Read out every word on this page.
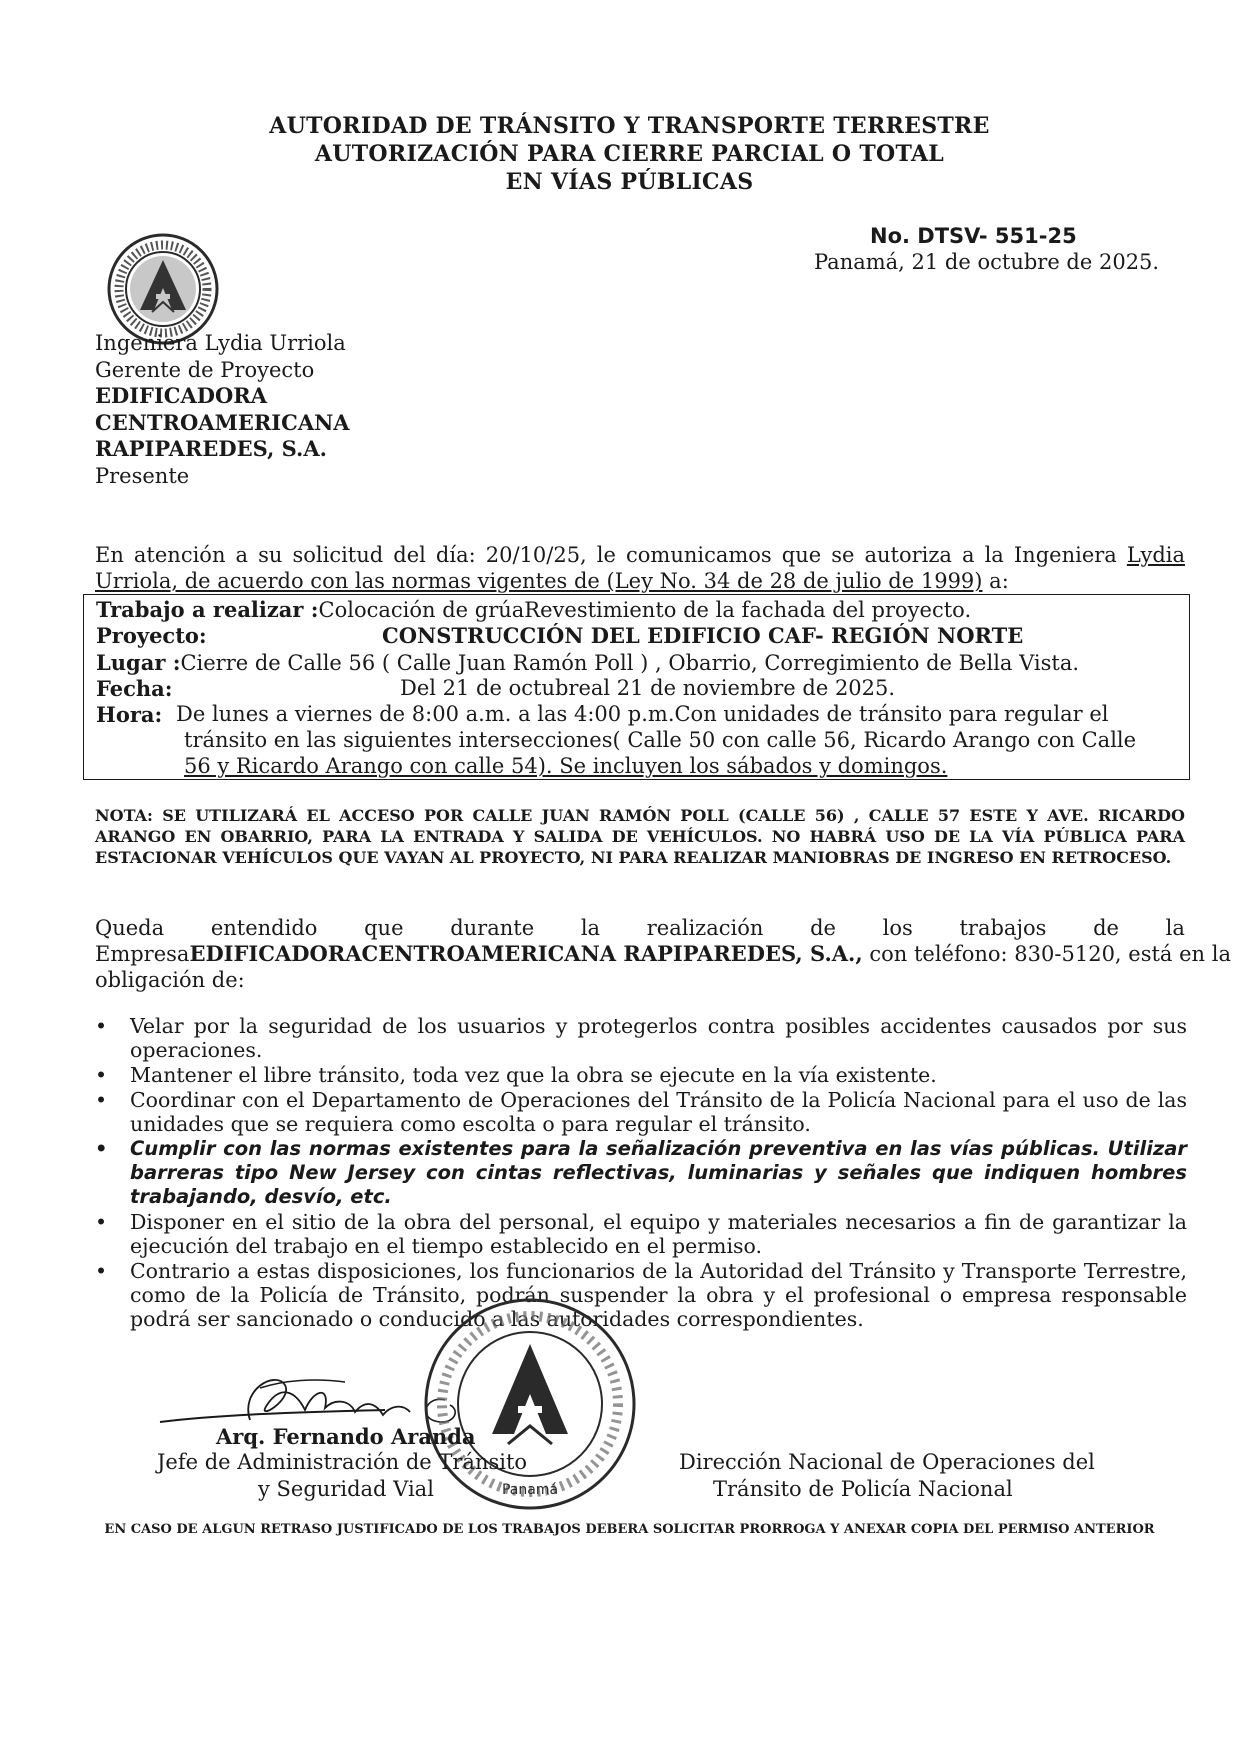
AUTORIDAD DE TRÁNSITO Y TRANSPORTE TERRESTRE
AUTORIZACIÓN PARA CIERRE PARCIAL O TOTAL
EN VÍAS PÚBLICAS
No. DTSV- 551-25
Panamá, 21 de octubre de 2025.
Ingeniera Lydia Urriola
Gerente de Proyecto
EDIFICADORA
CENTROAMERICANA
RAPIPAREDES, S.A.
Presente
En atención a su solicitud del día: 20/10/25, le comunicamos que se autoriza a la Ingeniera Lydia Urriola, de acuerdo con las normas vigentes de (Ley No. 34 de 28 de julio de 1999) a:
Trabajo a realizar :Colocación de grúaRevestimiento de la fachada del proyecto.
Proyecto:	CONSTRUCCIÓN DEL EDIFICIO CAF- REGIÓN NORTE
Lugar :Cierre de Calle 56 ( Calle Juan Ramón Poll ) , Obarrio, Corregimiento de Bella Vista.
Fecha:	Del 21 de octubreal 21 de noviembre de 2025.
Hora: De lunes a viernes de 8:00 a.m. a las 4:00 p.m.Con unidades de tránsito para regular el
tránsito en las siguientes intersecciones( Calle 50 con calle 56, Ricardo Arango con Calle
56 y Ricardo Arango con calle 54). Se incluyen los sábados y domingos.
NOTA: SE UTILIZARÁ EL ACCESO POR CALLE JUAN RAMÓN POLL (CALLE 56) , CALLE 57 ESTE Y AVE. RICARDO ARANGO EN OBARRIO, PARA LA ENTRADA Y SALIDA DE VEHÍCULOS. NO HABRÁ USO DE LA VÍA PÚBLICA PARA ESTACIONAR VEHÍCULOS QUE VAYAN AL PROYECTO, NI PARA REALIZAR MANIOBRAS DE INGRESO EN RETROCESO.
Queda entendido que durante la realización de los trabajos de la
EmpresaEDIFICADORACENTROAMERICANA RAPIPAREDES, S.A., con teléfono: 830-5120, está en la
obligación de:
• Velar por la seguridad de los usuarios y protegerlos contra posibles accidentes causados por sus operaciones.
• Mantener el libre tránsito, toda vez que la obra se ejecute en la vía existente.
• Coordinar con el Departamento de Operaciones del Tránsito de la Policía Nacional para el uso de las unidades que se requiera como escolta o para regular el tránsito.
• Cumplir con las normas existentes para la señalización preventiva en las vías públicas. Utilizar barreras tipo New Jersey con cintas reflectivas, luminarias y señales que indiquen hombres trabajando, desvío, etc.
• Disponer en el sitio de la obra del personal, el equipo y materiales necesarios a fin de garantizar la ejecución del trabajo en el tiempo establecido en el permiso.
• Contrario a estas disposiciones, los funcionarios de la Autoridad del Tránsito y Transporte Terrestre, como de la Policía de Tránsito, podrán suspender la obra y el profesional o empresa responsable podrá ser sancionado o conducido a las autoridades correspondientes.
Panamá
Arq. Fernando Aranda
Jefe de Administración de Tránsito
y Seguridad Vial
Dirección Nacional de Operaciones del
Tránsito de Policía Nacional
EN CASO DE ALGUN RETRASO JUSTIFICADO DE LOS TRABAJOS DEBERA SOLICITAR PRORROGA Y ANEXAR COPIA DEL PERMISO ANTERIOR
